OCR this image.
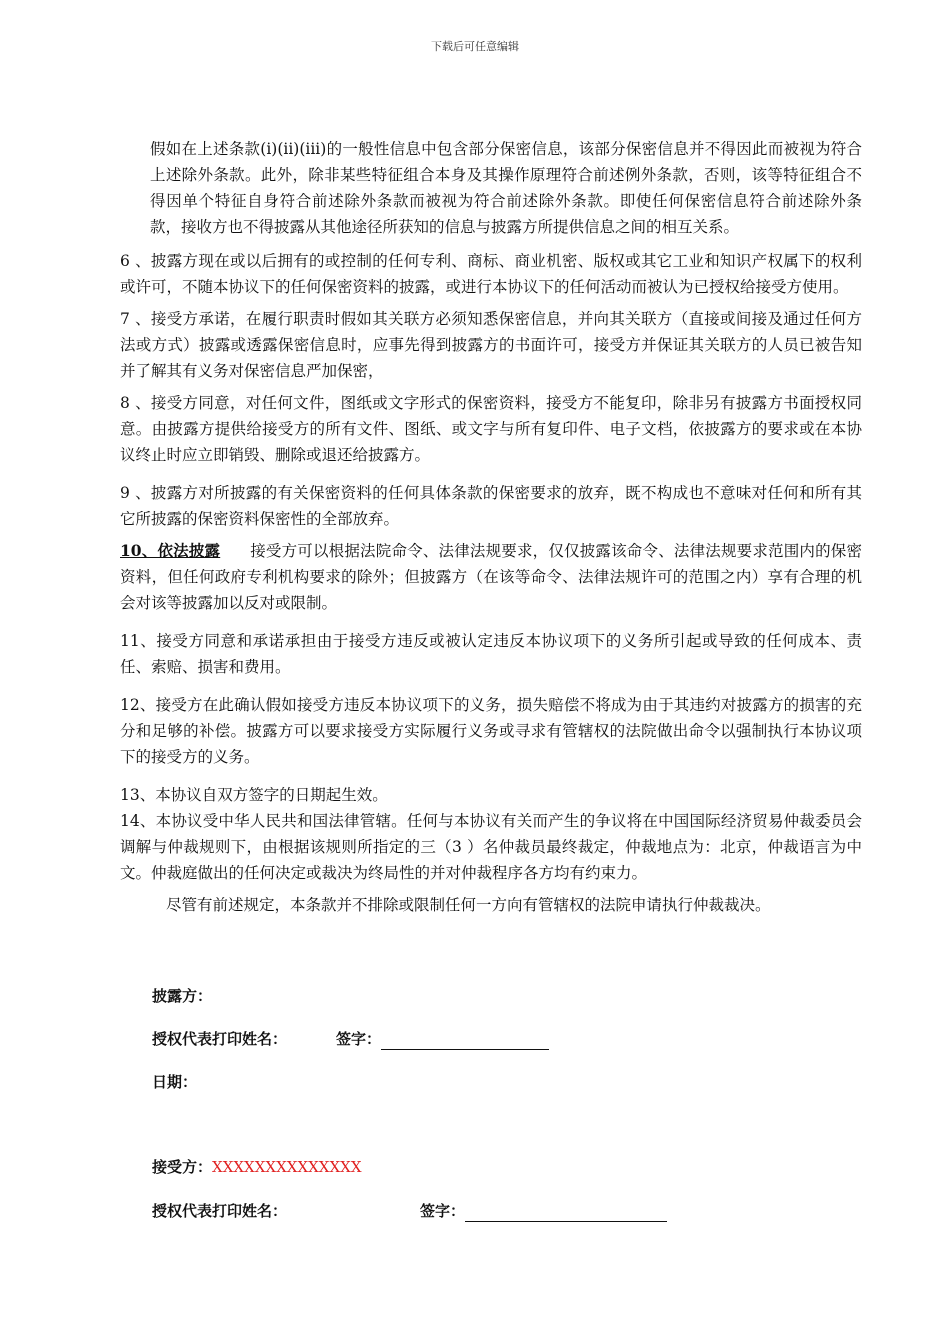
下载后可任意编辑

假如在上述条款(i)(ii)(iii)的一般性信息中包含部分保密信息，该部分保密信息并不得因此而被视为符合上述除外条款。此外，除非某些特征组合本身及其操作原理符合前述例外条款，否则，该等特征组合不得因单个特征自身符合前述除外条款而被视为符合前述除外条款。即使任何保密信息符合前述除外条款，接收方也不得披露从其他途径所获知的信息与披露方所提供信息之间的相互关系。

6 、披露方现在或以后拥有的或控制的任何专利、商标、商业机密、版权或其它工业和知识产权属下的权利或许可，不随本协议下的任何保密资料的披露，或进行本协议下的任何活动而被认为已授权给接受方使用。

7 、接受方承诺，在履行职责时假如其关联方必须知悉保密信息，并向其关联方（直接或间接及通过任何方法或方式）披露或透露保密信息时，应事先得到披露方的书面许可，接受方并保证其关联方的人员已被告知并了解其有义务对保密信息严加保密，

8 、接受方同意，对任何文件，图纸或文字形式的保密资料，接受方不能复印，除非另有披露方书面授权同意。由披露方提供给接受方的所有文件、图纸、或文字与所有复印件、电子文档，依披露方的要求或在本协议终止时应立即销毁、删除或退还给披露方。

9 、披露方对所披露的有关保密资料的任何具体条款的保密要求的放弃，既不构成也不意味对任何和所有其它所披露的保密资料保密性的全部放弃。

10、依法披露 接受方可以根据法院命令、法律法规要求，仅仅披露该命令、法律法规要求范围内的保密资料，但任何政府专利机构要求的除外；但披露方（在该等命令、法律法规许可的范围之内）享有合理的机会对该等披露加以反对或限制。

11、接受方同意和承诺承担由于接受方违反或被认定违反本协议项下的义务所引起或导致的任何成本、责任、索赔、损害和费用。

12、接受方在此确认假如接受方违反本协议项下的义务，损失赔偿不将成为由于其违约对披露方的损害的充分和足够的补偿。披露方可以要求接受方实际履行义务或寻求有管辖权的法院做出命令以强制执行本协议项下的接受方的义务。

13、本协议自双方签字的日期起生效。

14、本协议受中华人民共和国法律管辖。任何与本协议有关而产生的争议将在中国国际经济贸易仲裁委员会调解与仲裁规则下，由根据该规则所指定的三（3 ）名仲裁员最终裁定，仲裁地点为：北京，仲裁语言为中文。仲裁庭做出的任何决定或裁决为终局性的并对仲裁程序各方均有约束力。

尽管有前述规定，本条款并不排除或限制任何一方向有管辖权的法院申请执行仲裁裁决。

披露方：
授权代表打印姓名：	签字：
日期：
接受方：XXXXXXXXXXXXXX
授权代表打印姓名：	签字：
